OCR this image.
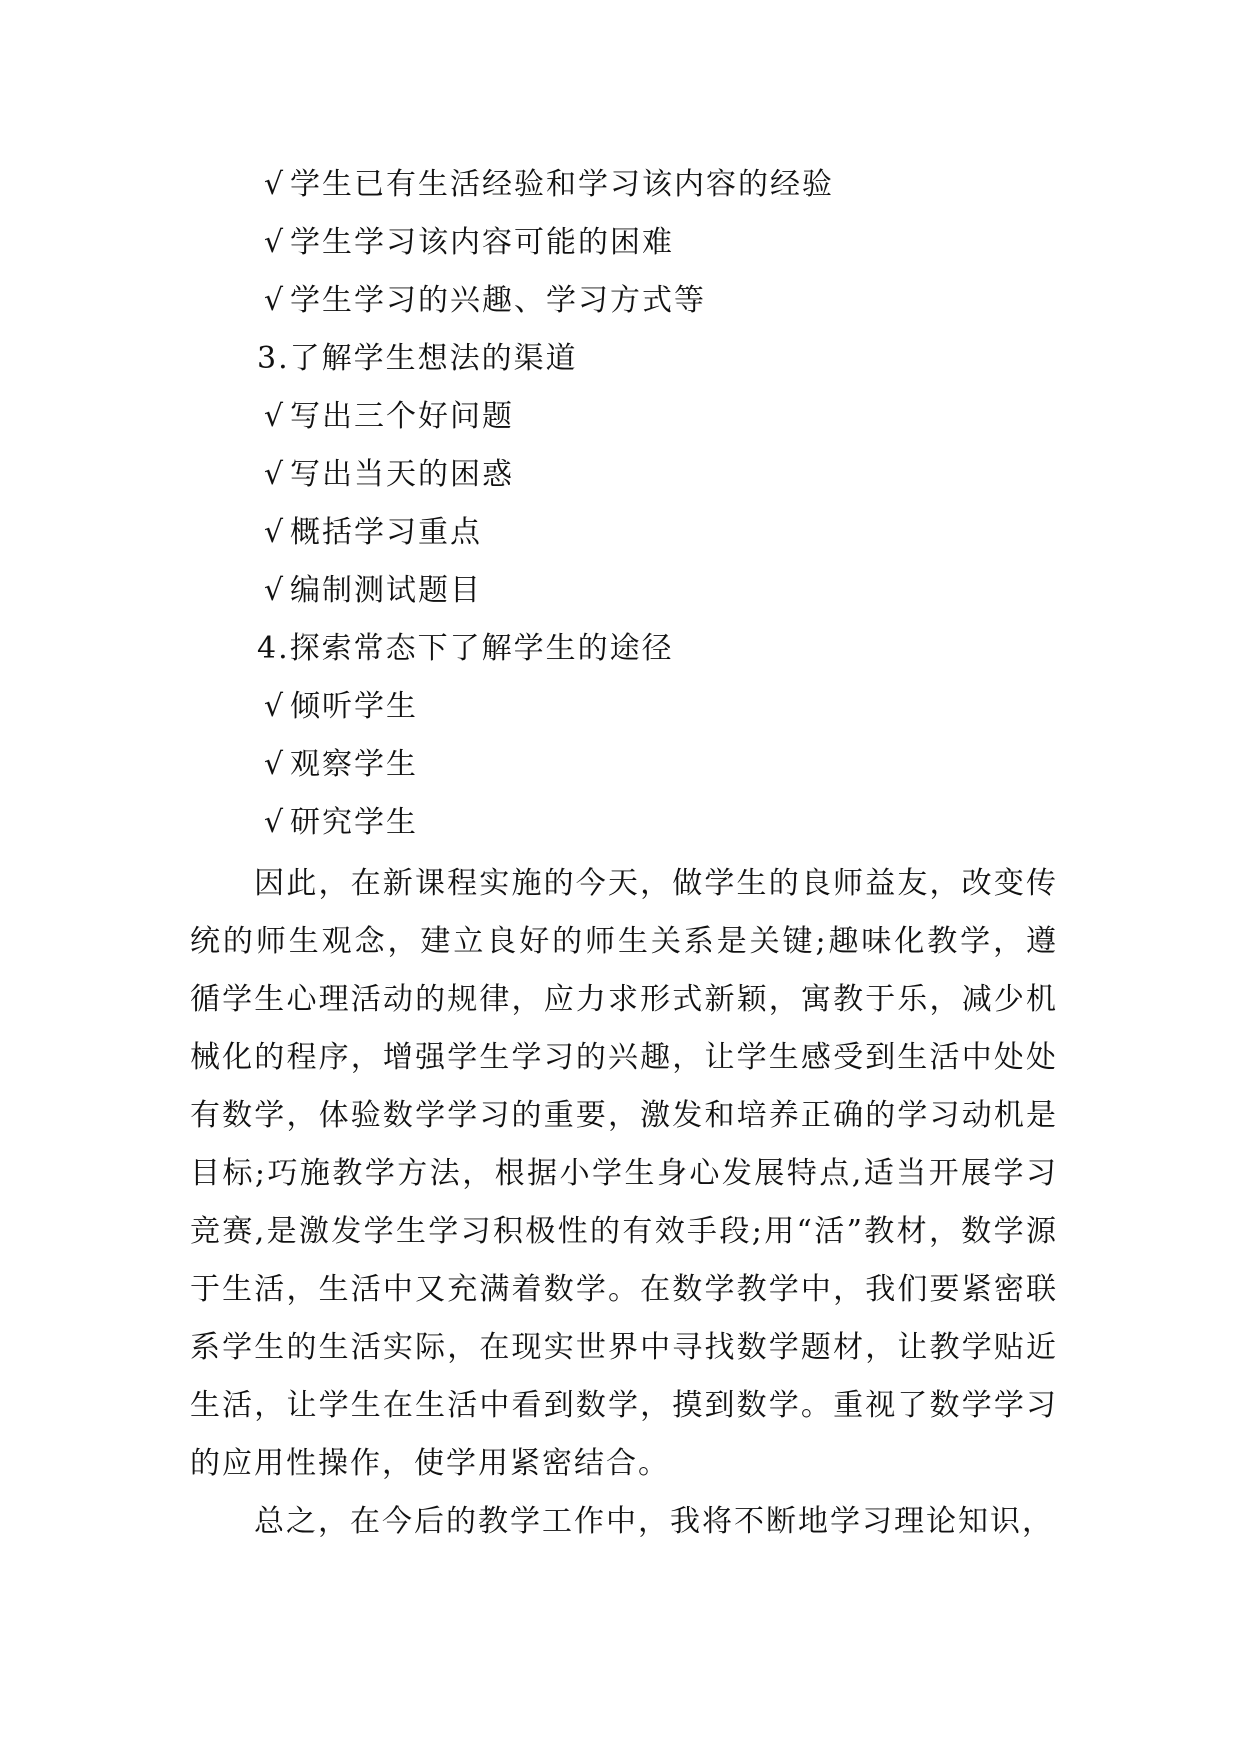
√ 学生已有生活经验和学习该内容的经验
√ 学生学习该内容可能的困难
√ 学生学习的兴趣、学习方式等
3.了解学生想法的渠道
√ 写出三个好问题
√ 写出当天的困惑
√ 概括学习重点
√ 编制测试题目
4.探索常态下了解学生的途径
√ 倾听学生
√ 观察学生
√ 研究学生
因此，在新课程实施的今天，做学生的良师益友，改变传统的师生观念，建立良好的师生关系是关键;趣味化教学，遵循学生心理活动的规律，应力求形式新颖，寓教于乐，减少机械化的程序，增强学生学习的兴趣，让学生感受到生活中处处有数学，体验数学学习的重要，激发和培养正确的学习动机是目标;巧施教学方法，根据小学生身心发展特点,适当开展学习竞赛,是激发学生学习积极性的有效手段;用“活”教材，数学源于生活，生活中又充满着数学。在数学教学中，我们要紧密联系学生的生活实际，在现实世界中寻找数学题材，让教学贴近生活，让学生在生活中看到数学，摸到数学。重视了数学学习的应用性操作，使学用紧密结合。
总之，在今后的教学工作中，我将不断地学习理论知识，
